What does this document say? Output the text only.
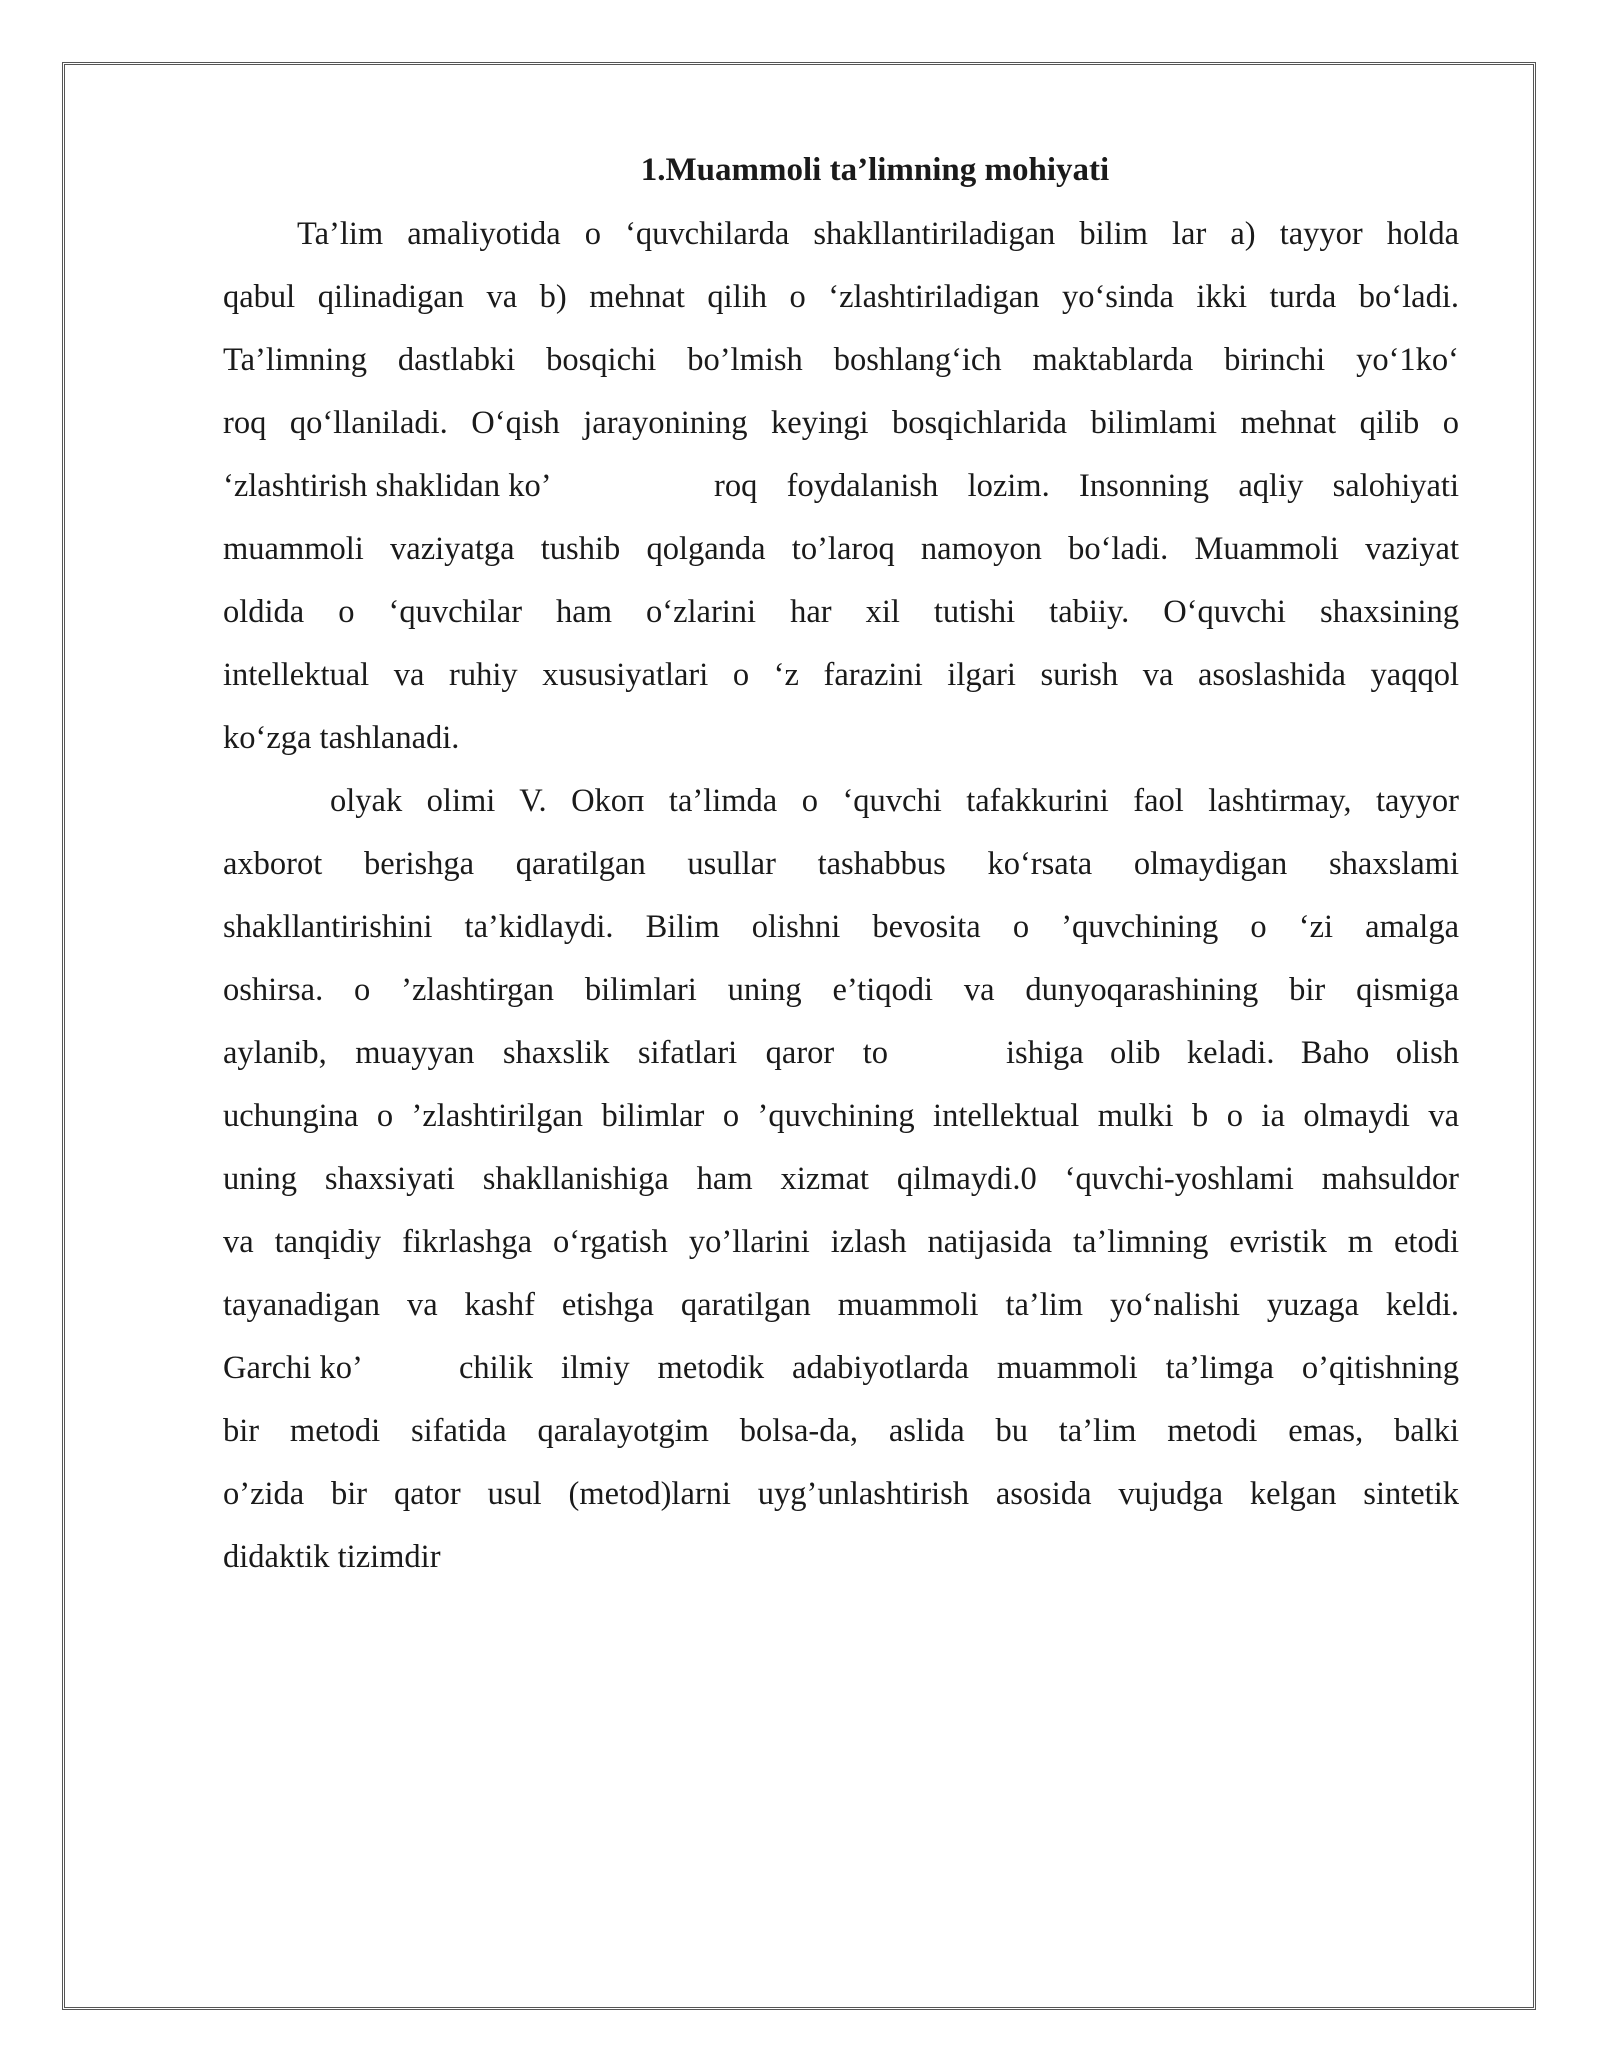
1.Muammoli ta’limning mohiyati
Ta’lim amaliyotida o ‘quvchilarda shakllantiriladigan bilim lar a) tayyor holda
qabul qilinadigan va b) mehnat qilih o ‘zlashtiriladigan yo‘sinda ikki turda bo‘ladi.
Ta’limning dastlabki bosqichi bo’lmish boshlang‘ich maktablarda birinchi yo‘1ko‘
roq qo‘llaniladi. O‘qish jarayonining keyingi bosqichlarida bilimlami mehnat qilib o
‘zlashtirish shaklidan ko’	roq foydalanish lozim. Insonning aqliy salohiyati
muammoli vaziyatga tushib qolganda to’laroq namoyon bo‘ladi. Muammoli vaziyat
oldida o ‘quvchilar ham o‘zlarini har xil tutishi tabiiy. O‘quvchi shaxsining
intellektual va ruhiy xususiyatlari o ‘z farazini ilgari surish va asoslashida yaqqol
ko‘zga tashlanadi.
olyak olimi V. Оkоп ta’limda o ‘quvchi tafakkurini faol lashtirmay, tayyor
axborot berishga qaratilgan usullar tashabbus ko‘rsata olmaydigan shaxslami
shakllantirishini ta’kidlaydi. Bilim olishni bevosita o ’quvchining o ‘zi amalga
oshirsa. o ’zlashtirgan bilimlari uning e’tiqodi va dunyoqarashining bir qismiga
aylanib, muayyan shaxslik sifatlari qaror to	ishiga olib keladi. Baho olish
uchungina o ’zlashtirilgan bilimlar o ’quvchining intellektual mulki b o ia olmaydi va
uning shaxsiyati shakllanishiga ham xizmat qilmaydi.0 ‘quvchi-yoshlami mahsuldor
va tanqidiy fikrlashga o‘rgatish yo’llarini izlash natijasida ta’limning evristik m etodi
tayanadigan va kashf etishga qaratilgan muammoli ta’lim yo‘nalishi yuzaga keldi.
Garchi ko’	chilik ilmiy metodik adabiyotlarda muammoli ta’limga o’qitishning
bir metodi sifatida qaralayotgim bolsa-da, aslida bu ta’lim metodi emas, balki
o’zida bir qator usul (metod)larni uyg’unlashtirish asosida vujudga kelgan sintetik
didaktik tizimdir
